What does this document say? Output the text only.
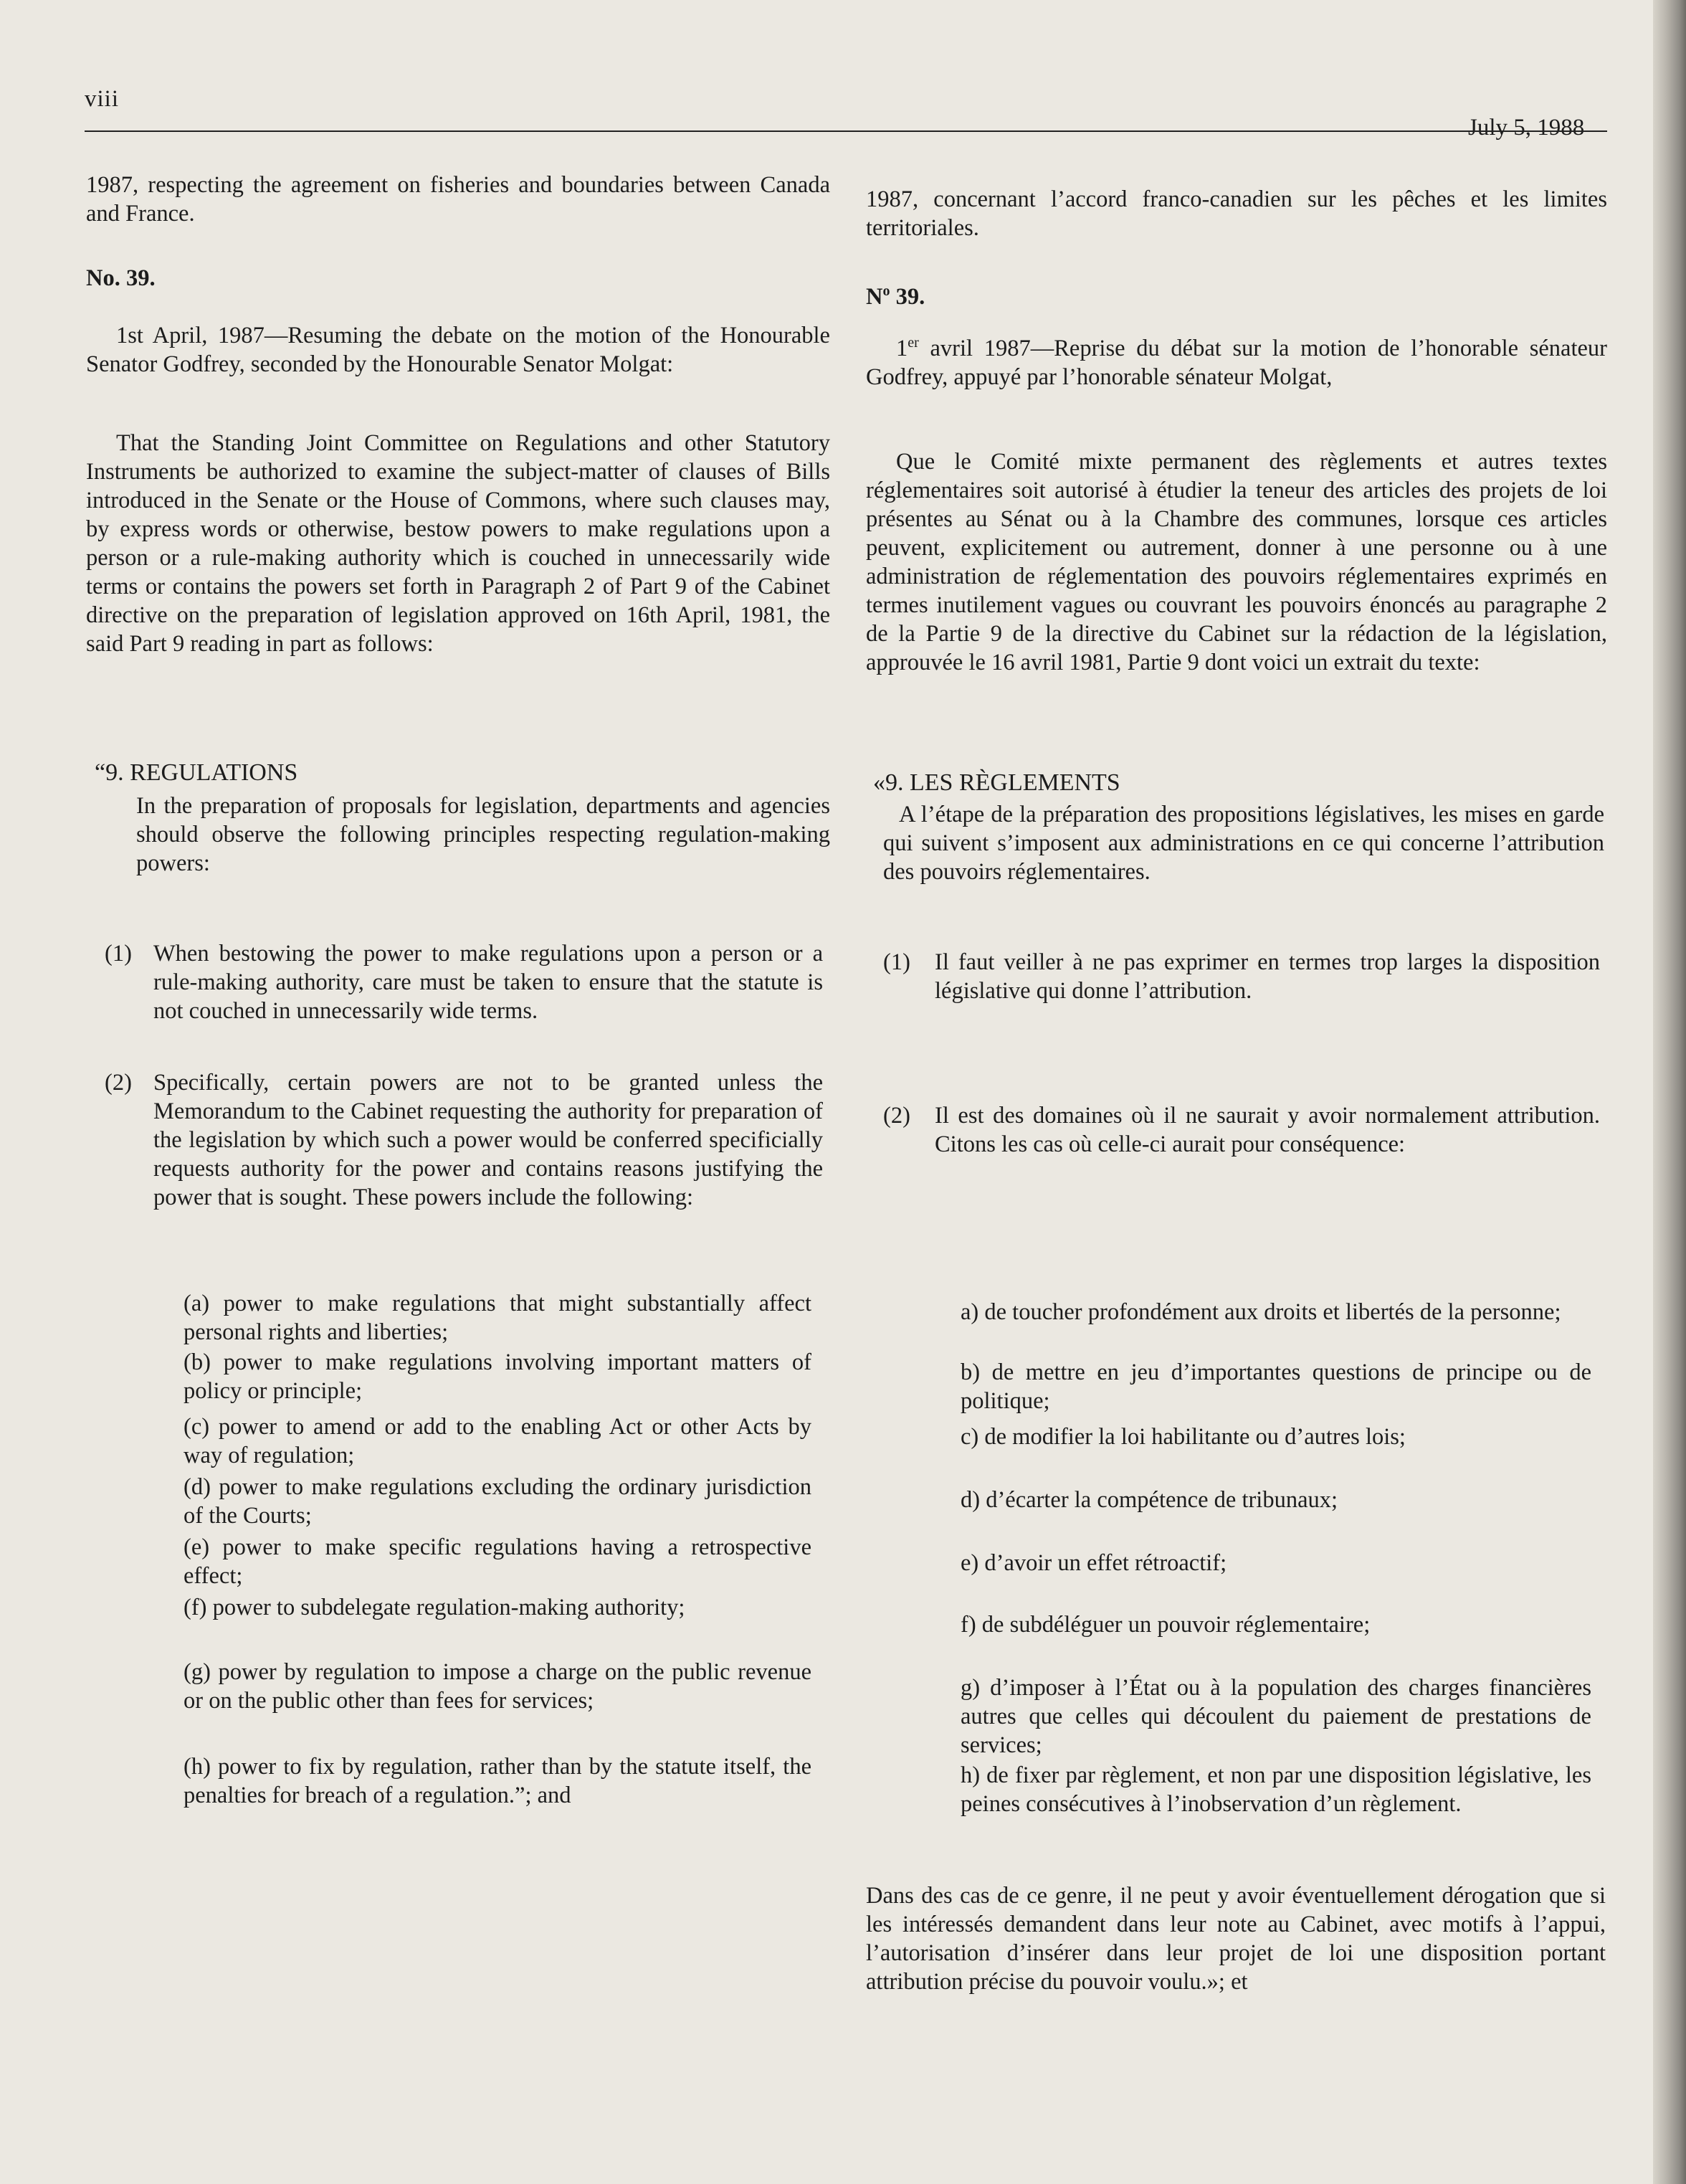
viii
July 5, 1988

1987, respecting the agreement on fisheries and boundaries between Canada and France.

No. 39.

1st April, 1987—Resuming the debate on the motion of the Honourable Senator Godfrey, seconded by the Honourable Senator Molgat:

That the Standing Joint Committee on Regulations and other Statutory Instruments be authorized to examine the subject-matter of clauses of Bills introduced in the Senate or the House of Commons, where such clauses may, by express words or otherwise, bestow powers to make regulations upon a person or a rule-making authority which is couched in unnecessarily wide terms or contains the powers set forth in Paragraph 2 of Part 9 of the Cabinet directive on the preparation of legislation approved on 16th April, 1981, the said Part 9 reading in part as follows:

“9. REGULATIONS

In the preparation of proposals for legislation, departments and agencies should observe the following principles respecting regulation-making powers:

(1) When bestowing the power to make regulations upon a person or a rule-making authority, care must be taken to ensure that the statute is not couched in unnecessarily wide terms.
(2) Specifically, certain powers are not to be granted unless the Memorandum to the Cabinet requesting the authority for preparation of the legislation by which such a power would be conferred specificially requests authority for the power and contains reasons justifying the power that is sought. These powers include the following:

(a) power to make regulations that might substantially affect personal rights and liberties;

(b) power to make regulations involving important matters of policy or principle;

(c) power to amend or add to the enabling Act or other Acts by way of regulation;

(d) power to make regulations excluding the ordinary jurisdiction of the Courts;

(e) power to make specific regulations having a retrospective effect;

(f) power to subdelegate regulation-making authority;

(g) power by regulation to impose a charge on the public revenue or on the public other than fees for services;

(h) power to fix by regulation, rather than by the statute itself, the penalties for breach of a regulation.”; and

1987, concernant l’accord franco-canadien sur les pêches et les limites territoriales.

$N^o$ 39.

1er avril 1987—Reprise du débat sur la motion de l’honorable sénateur Godfrey, appuyé par l’honorable sénateur Molgat,

Que le Comité mixte permanent des règlements et autres textes réglementaires soit autorisé à étudier la teneur des articles des projets de loi présentes au Sénat ou à la Chambre des communes, lorsque ces articles peuvent, explicitement ou autrement, donner à une personne ou à une administration de réglementation des pouvoirs réglementaires exprimés en termes inutilement vagues ou couvrant les pouvoirs énoncés au paragraphe 2 de la Partie 9 de la directive du Cabinet sur la rédaction de la législation, approuvée le 16 avril 1981, Partie 9 dont voici un extrait du texte:

«9. LES RÈGLEMENTS

A l’étape de la préparation des propositions législatives, les mises en garde qui suivent s’imposent aux administrations en ce qui concerne l’attribution des pouvoirs réglementaires.

(1)	Il faut veiller à ne pas exprimer en termes trop larges la disposition législative qui donne l’attribution.
(2)	Il est des domaines où il ne saurait y avoir normalement attribution. Citons les cas où celle-ci aurait pour conséquence:

a) de toucher profondément aux droits et libertés de la personne;

b) de mettre en jeu d’importantes questions de principe ou de politique;

c) de modifier la loi habilitante ou d’autres lois;

d) d’écarter la compétence de tribunaux;

e) d’avoir un effet rétroactif;

f) de subdéléguer un pouvoir réglementaire;

g) d’imposer à l’État ou à la population des charges financières autres que celles qui découlent du paiement de prestations de services;

h) de fixer par règlement, et non par une disposition législative, les peines consécutives à l’inobservation d’un règlement.

Dans des cas de ce genre, il ne peut y avoir éventuellement dérogation que si les intéressés demandent dans leur note au Cabinet, avec motifs à l’appui, l’autorisation d’insérer dans leur projet de loi une disposition portant attribution précise du pouvoir voulu.»; et
